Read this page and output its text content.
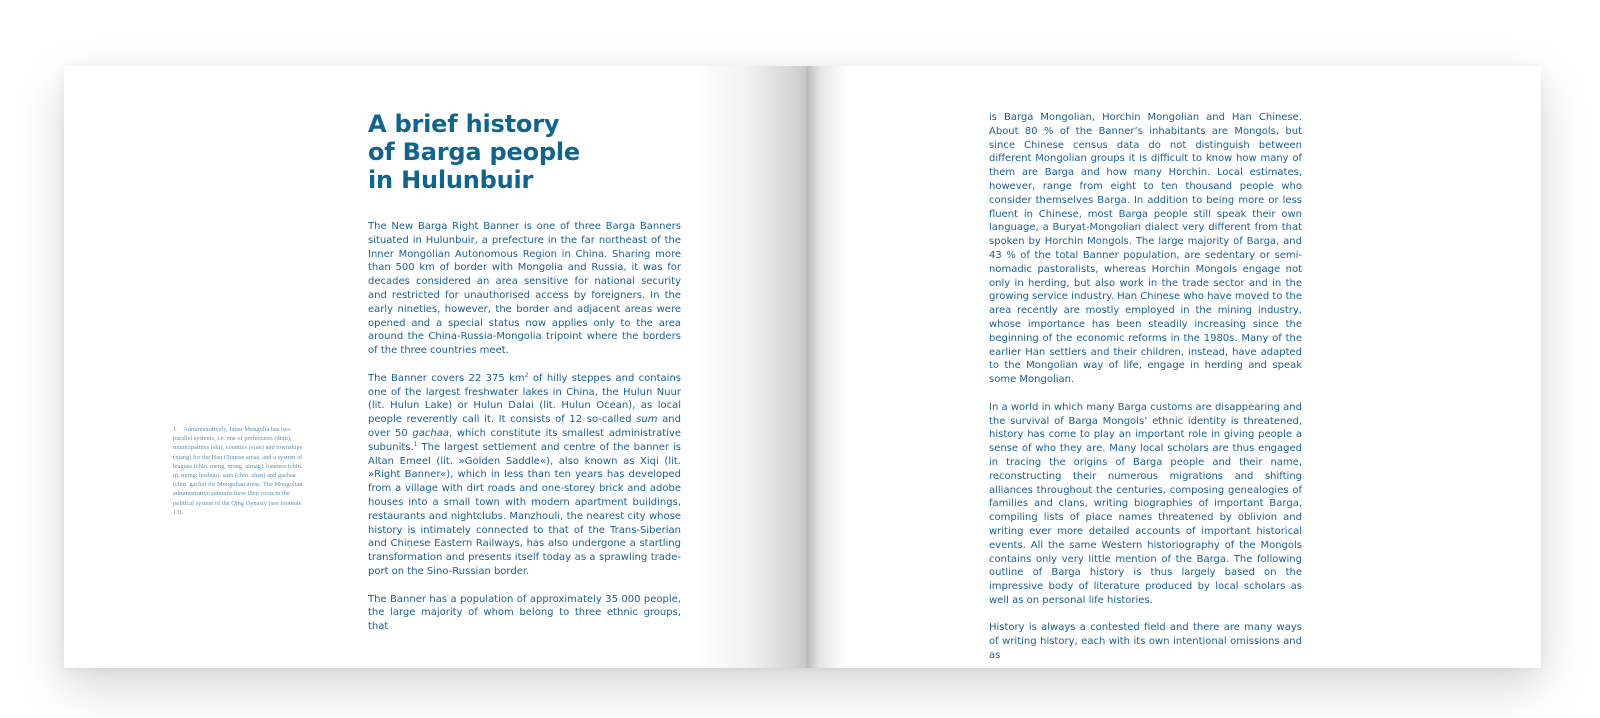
A brief history
of Barga people
in Hulunbuir

The New Barga Right Banner is one of three Barga Banners situated in Hulunbuir, a prefecture in the far northeast of the Inner Mongolian Autonomous Region in China. Sharing more than 500 km of border with Mongolia and Russia, it was for decades considered an area sensitive for national security and restricted for unauthorised access by foreigners. In the early nineties, however, the border and adjacent areas were opened and a special status now applies only to the area around the China-Russia-Mongolia tripoint where the borders of the three countries meet.

The Banner covers 22 375 $km^2$ of hilly steppes and contains one of the largest freshwater lakes in China, the Hulun Nuur (lit. Hulun Lake) or Hulun Dalai (lit. Hulun Ocean), as local people reverently call it. It consists of 12 so-called sum and over 50 gachaa, which constitute its smallest administrative subunits.$^1$ The largest settlement and centre of the banner is Altan Emeel (lit. »Golden Saddle«), also known as Xiqi (lit. »Right Banner«), which in less than ten years has developed from a village with dirt roads and one-storey brick and adobe houses into a small town with modern apartment buildings, restaurants and nightclubs. Manzhouli, the nearest city whose history is intimately connected to that of the Trans-Siberian and Chinese Eastern Railways, has also undergone a startling transformation and presents itself today as a sprawling trade-port on the Sino-Russian border.

The Banner has a population of approximately 35 000 people, the large majority of whom belong to three ethnic groups, that

1 Administratively, Inner Mongolia has two parallel systems, i.e. one of prefectures (diqu), municipalities (shi), counties (xian) and townships (xiang) for the Han Chinese areas, and a system of leagues (chin. meng, mong. aimag), banners (chin. qi, mong. hoshuu), sum (chin. zhen) and gachaa (chin. gacha) for Mongolian areas. The Mongolian administrative subunits have their roots in the political system of the Qing Dynasty (see footnote 13).

is Barga Mongolian, Horchin Mongolian and Han Chinese. About 80 % of the Banner’s inhabitants are Mongols, but since Chinese census data do not distinguish between different Mongolian groups it is difficult to know how many of them are Barga and how many Horchin. Local estimates, however, range from eight to ten thousand people who consider themselves Barga. In addition to being more or less fluent in Chinese, most Barga people still speak their own language, a Buryat-Mongolian dialect very different from that spoken by Horchin Mongols. The large majority of Barga, and 43 % of the total Banner population, are sedentary or semi-nomadic pastoralists, whereas Horchin Mongols engage not only in herding, but also work in the trade sector and in the growing service industry. Han Chinese who have moved to the area recently are mostly employed in the mining industry, whose importance has been steadily increasing since the beginning of the economic reforms in the 1980s. Many of the earlier Han settlers and their children, instead, have adapted to the Mongolian way of life, engage in herding and speak some Mongolian.

In a world in which many Barga customs are disappearing and the survival of Barga Mongols’ ethnic identity is threatened, history has come to play an important role in giving people a sense of who they are. Many local scholars are thus engaged in tracing the origins of Barga people and their name, reconstructing their numerous migrations and shifting alliances throughout the centuries, composing genealogies of families and clans, writing biographies of important Barga, compiling lists of place names threatened by oblivion and writing ever more detailed accounts of important historical events. All the same Western historiography of the Mongols contains only very little mention of the Barga. The following outline of Barga history is thus largely based on the impressive body of literature produced by local scholars as well as on personal life histories.

History is always a contested field and there are many ways of writing history, each with its own intentional omissions and as
